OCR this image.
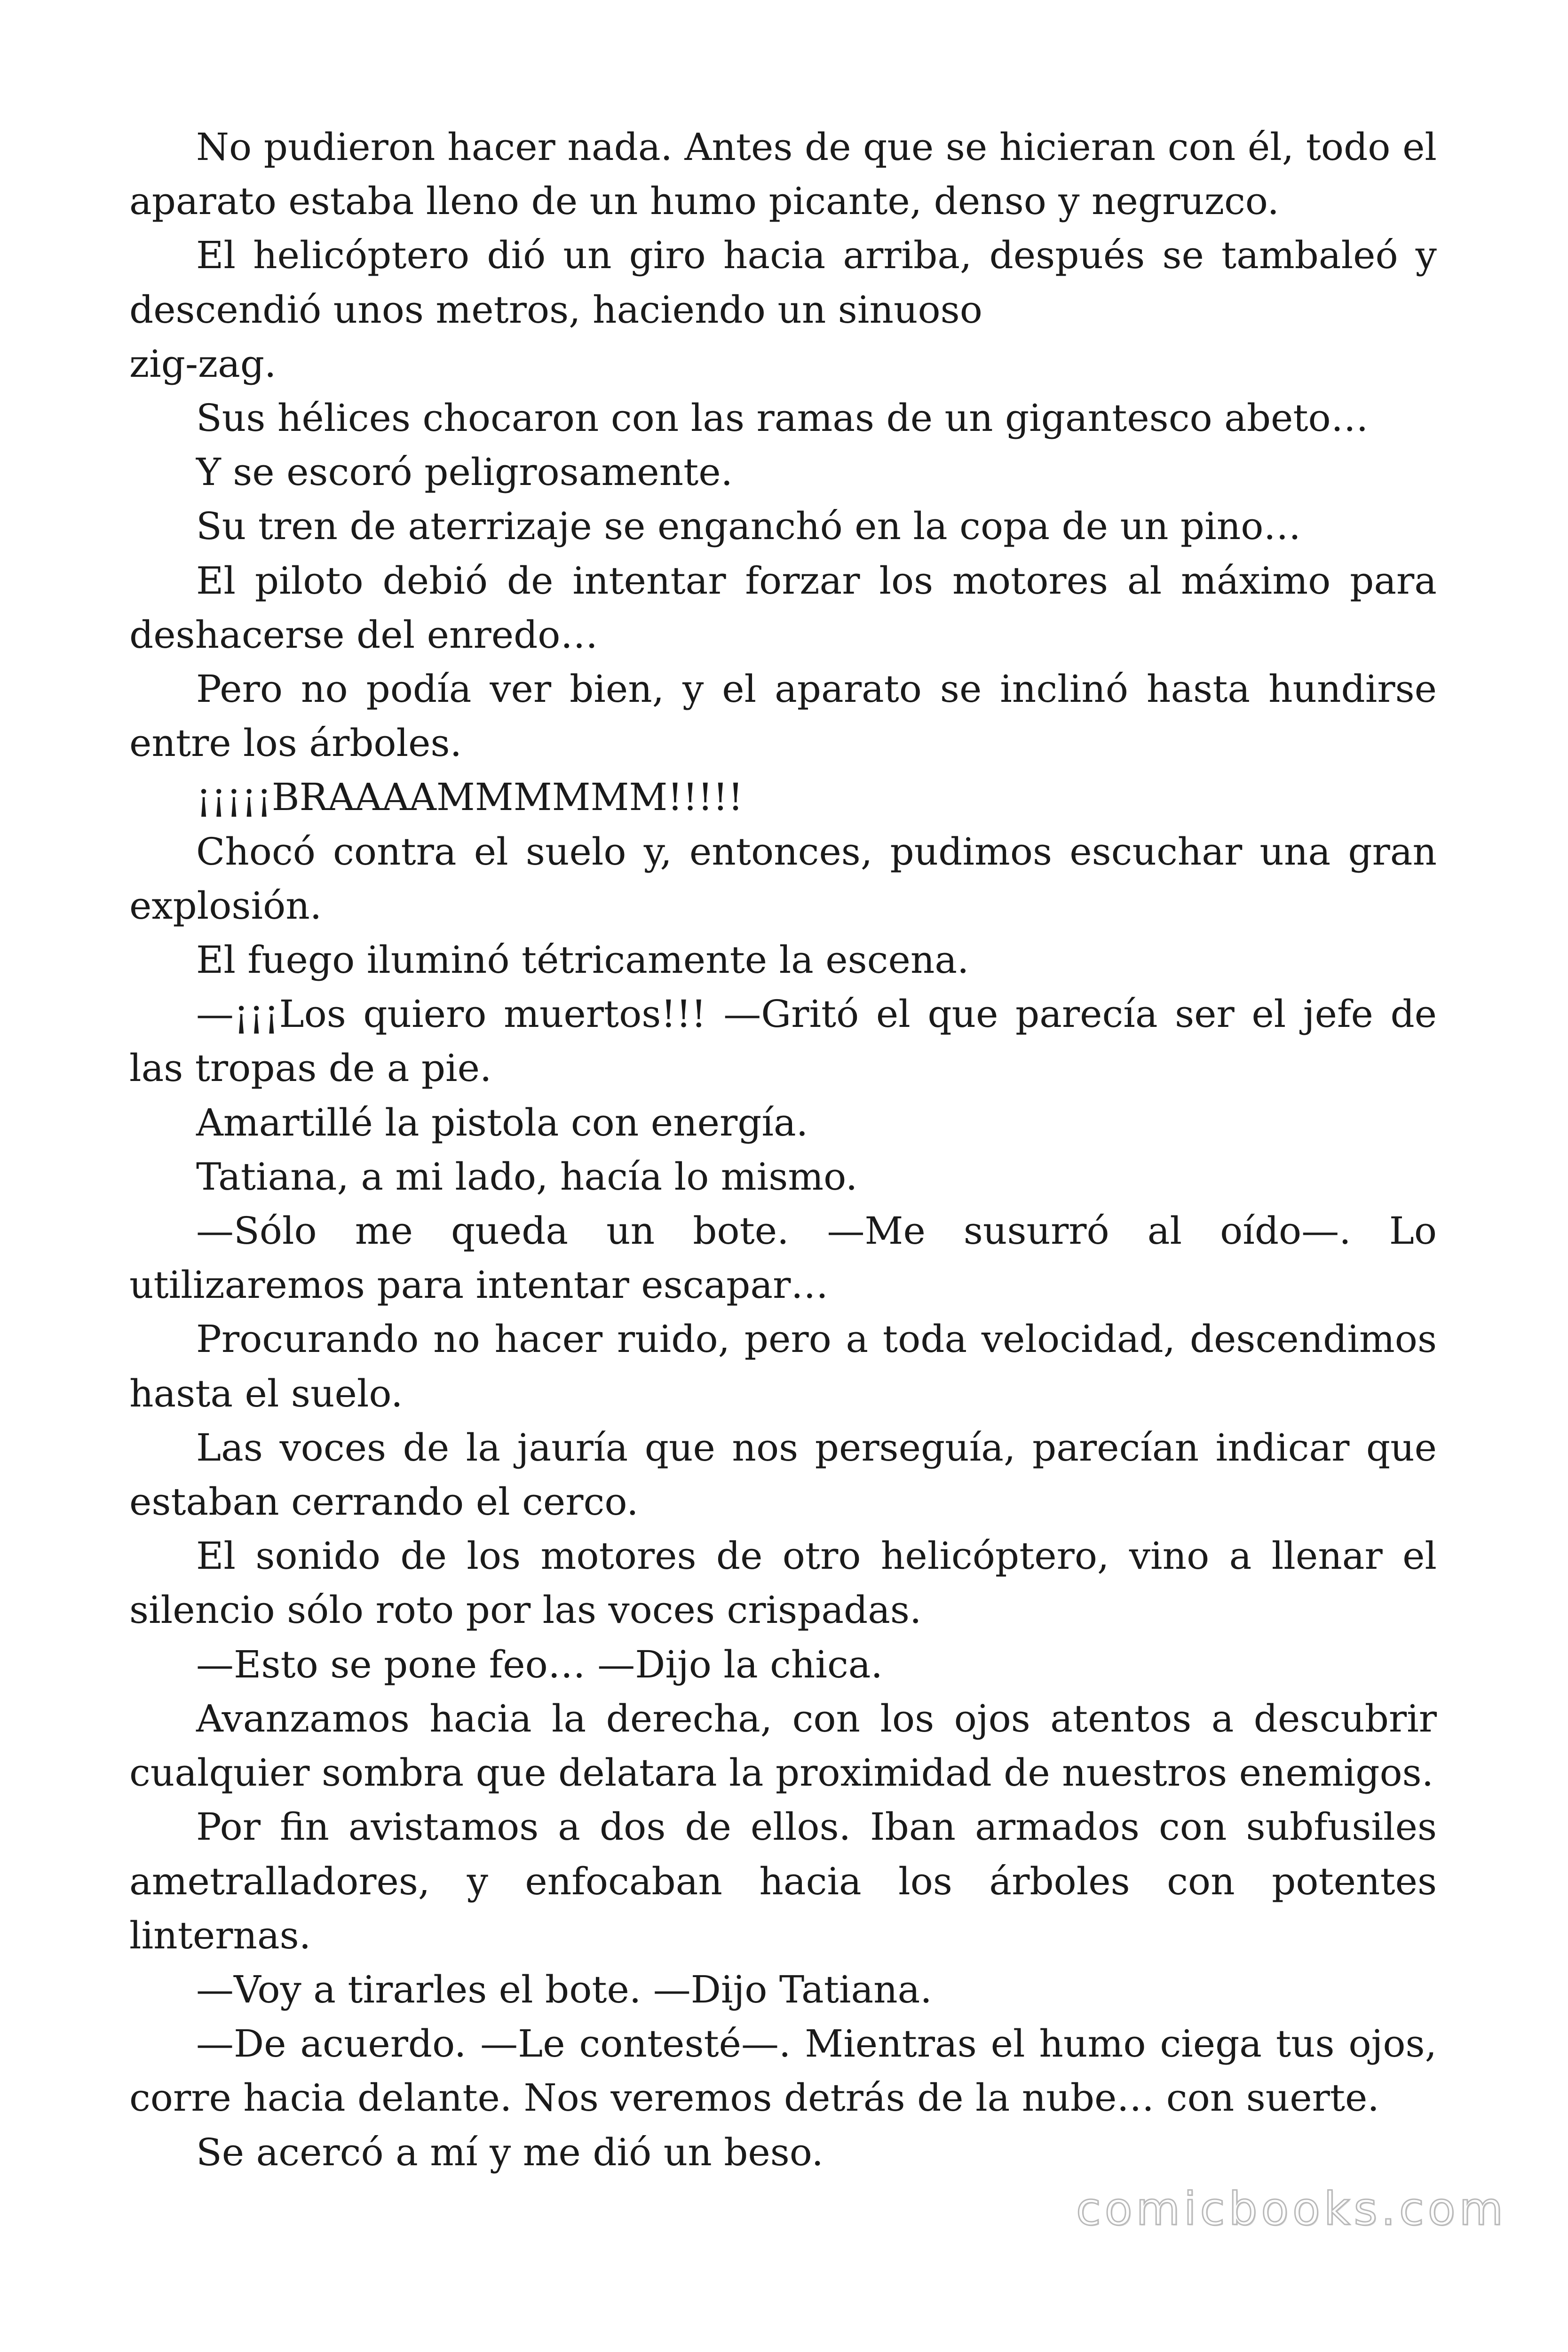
No pudieron hacer nada. Antes de que se hicieran con él, todo el aparato estaba lleno de un humo picante, denso y negruzco.

El helicóptero dió un giro hacia arriba, después se tambaleó y descendió unos metros, haciendo un sinuoso
zig-zag.

Sus hélices chocaron con las ramas de un gigantesco abeto…

Y se escoró peligrosamente.

Su tren de aterrizaje se enganchó en la copa de un pino…

El piloto debió de intentar forzar los motores al máximo para deshacerse del enredo…

Pero no podía ver bien, y el aparato se inclinó hasta hundirse entre los árboles.

¡¡¡¡¡BRAAAAMMMMMM!!!!!

Chocó contra el suelo y, entonces, pudimos escuchar una gran explosión.

El fuego iluminó tétricamente la escena.

—¡¡¡Los quiero muertos!!! —Gritó el que parecía ser el jefe de las tropas de a pie.

Amartillé la pistola con energía.

Tatiana, a mi lado, hacía lo mismo.

—Sólo me queda un bote. —Me susurró al oído—. Lo utilizaremos para intentar escapar…

Procurando no hacer ruido, pero a toda velocidad, descendimos hasta el suelo.

Las voces de la jauría que nos perseguía, parecían indicar que estaban cerrando el cerco.

El sonido de los motores de otro helicóptero, vino a llenar el silencio sólo roto por las voces crispadas.

—Esto se pone feo… —Dijo la chica.

Avanzamos hacia la derecha, con los ojos atentos a descubrir cualquier sombra que delatara la proximidad de nuestros enemigos.

Por fin avistamos a dos de ellos. Iban armados con subfusiles ametralladores, y enfocaban hacia los árboles con potentes linternas.

—Voy a tirarles el bote. —Dijo Tatiana.

—De acuerdo. —Le contesté—. Mientras el humo ciega tus ojos, corre hacia delante. Nos veremos detrás de la nube… con suerte.

Se acercó a mí y me dió un beso.

comicbooks.com
